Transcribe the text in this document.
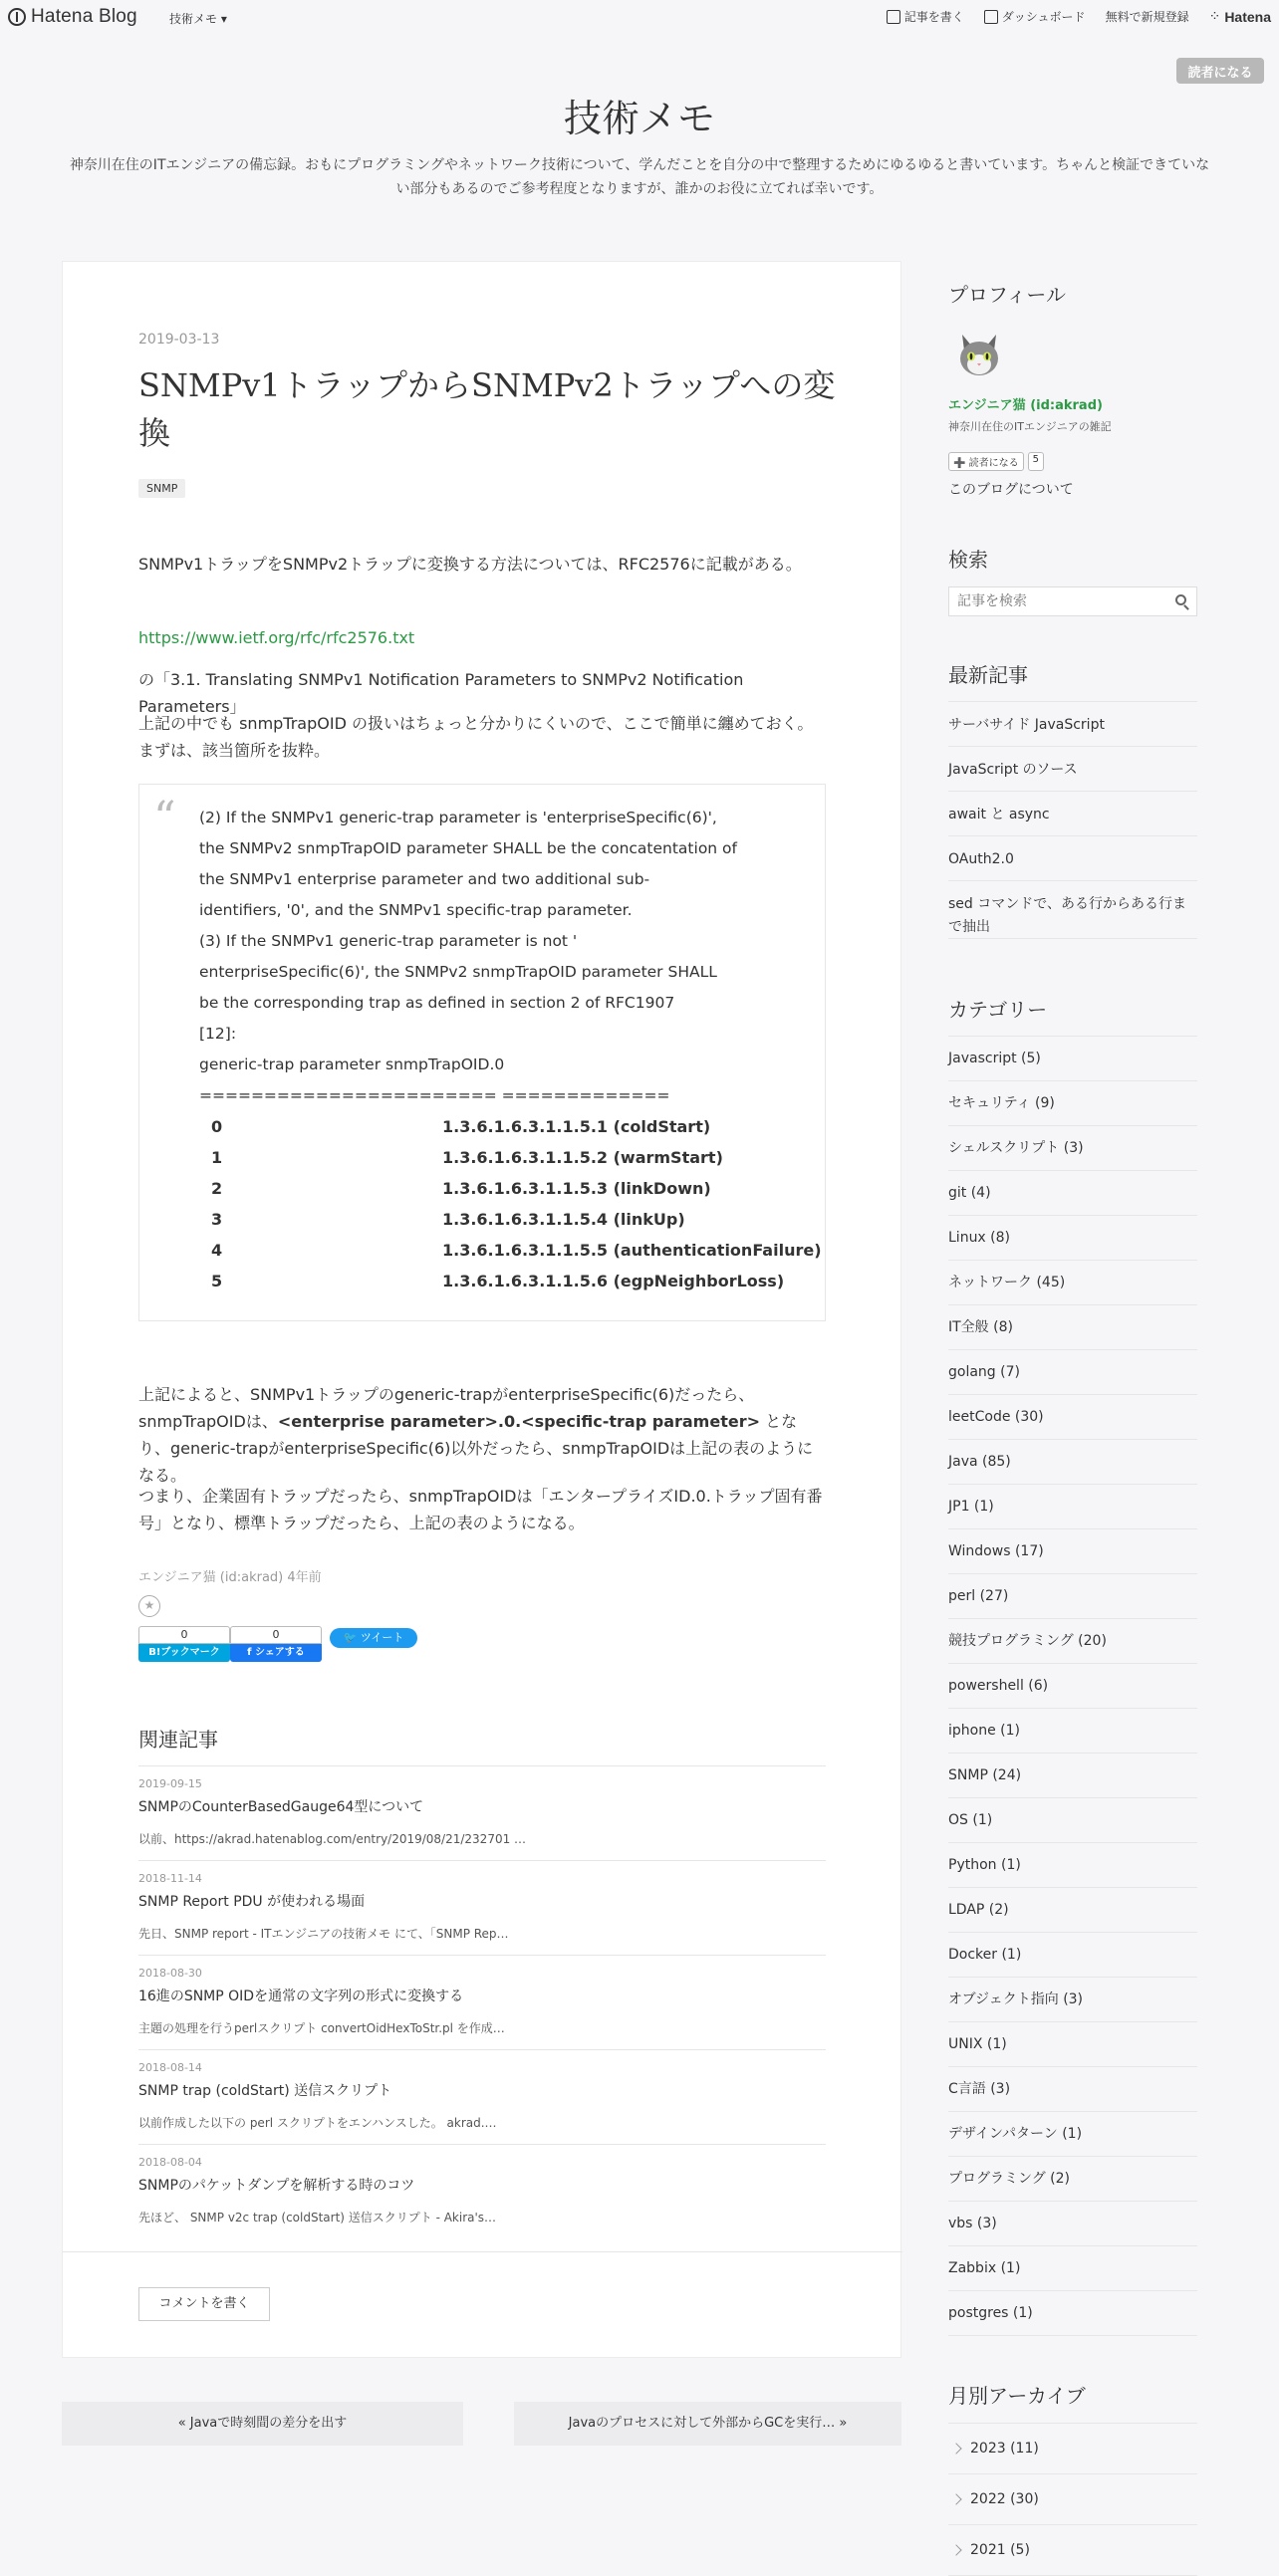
Hatena Blog	技術メモ ▾	記事を書く	ダッシュボード 無料で新規登録 ⁘ Hatena
読者になる
技術メモ
神奈川在住のITエンジニアの備忘録。おもにプログラミングやネットワーク技術について、学んだことを自分の中で整理するためにゆるゆると書いています。ちゃんと検証できていない部分もあるのでご参考程度となりますが、誰かのお役に立てれば幸いです。
2019-03-13
SNMPv1トラップからSNMPv2トラップへの変換
SNMP
SNMPv1トラップをSNMPv2トラップに変換する方法については、RFC2576に記載がある。
https://www.ietf.org/rfc/rfc2576.txt
の「3.1. Translating SNMPv1 Notification Parameters to SNMPv2 Notification Parameters」
上記の中でも snmpTrapOID の扱いはちょっと分かりにくいので、ここで簡単に纏めておく。まずは、該当箇所を抜粋。
“ (2) If the SNMPv1 generic-trap parameter is 'enterpriseSpecific(6)',
the SNMPv2 snmpTrapOID parameter SHALL be the concatentation of
the SNMPv1 enterprise parameter and two additional sub-
identifiers, '0', and the SNMPv1 specific-trap parameter.
(3) If the SNMPv1 generic-trap parameter is not '
enterpriseSpecific(6)', the SNMPv2 snmpTrapOID parameter SHALL
be the corresponding trap as defined in section 2 of RFC1907
[12]:
generic-trap parameter snmpTrapOID.0
======================= =============
0	1.3.6.1.6.3.1.1.5.1 (coldStart)
1	1.3.6.1.6.3.1.1.5.2 (warmStart)
2	1.3.6.1.6.3.1.1.5.3 (linkDown)
3	1.3.6.1.6.3.1.1.5.4 (linkUp)
4	1.3.6.1.6.3.1.1.5.5 (authenticationFailure)
5	1.3.6.1.6.3.1.1.5.6 (egpNeighborLoss)
上記によると、SNMPv1トラップのgeneric-trapがenterpriseSpecific(6)だったら、snmpTrapOIDは、<enterprise parameter>.0.<specific-trap parameter> となり、generic-trapがenterpriseSpecific(6)以外だったら、snmpTrapOIDは上記の表のようになる。
つまり、企業固有トラップだったら、snmpTrapOIDは「エンタープライズID.0.トラップ固有番号」となり、標準トラップだったら、上記の表のようになる。
エンジニア猫 (id:akrad) 4年前
★
0
B!ブックマーク
0
f シェアする
🐦 ツイート
関連記事
2019-09-15
SNMPのCounterBasedGauge64型について
以前、https://akrad.hatenablog.com/entry/2019/08/21/232701 …
2018-11-14
SNMP Report PDU が使われる場面
先日、SNMP report - ITエンジニアの技術メモ にて、「SNMP Rep…
2018-08-30
16進のSNMP OIDを通常の文字列の形式に変換する
主題の処理を行うperlスクリプト convertOidHexToStr.pl を作成…
2018-08-14
SNMP trap (coldStart) 送信スクリプト
以前作成した以下の perl スクリプトをエンハンスした。 akrad.…
2018-08-04
SNMPのパケットダンプを解析する時のコツ
先ほど、 SNMP v2c trap (coldStart) 送信スクリプト - Akira's…
コメントを書く
« Javaで時刻間の差分を出す	Javaのプロセスに対して外部からGCを実行… »
プロフィール
エンジニア猫 (id:akrad)
神奈川在住のITエンジニアの雑記
➕ 読者になる	5
このブログについて
検索
記事を検索
最新記事
サーバサイド JavaScript
JavaScript のソース
await と async
OAuth2.0
sed コマンドで、ある行からある行まで抽出
カテゴリー
Javascript (5)
セキュリティ (9)
シェルスクリプト (3)
git (4)
Linux (8)
ネットワーク (45)
IT全般 (8)
golang (7)
leetCode (30)
Java (85)
JP1 (1)
Windows (17)
perl (27)
競技プログラミング (20)
powershell (6)
iphone (1)
SNMP (24)
OS (1)
Python (1)
LDAP (2)
Docker (1)
オブジェクト指向 (3)
UNIX (1)
C言語 (3)
デザインパターン (1)
プログラミング (2)
vbs (3)
Zabbix (1)
postgres (1)
月別アーカイブ
2023 (11)
2022 (30)
2021 (5)
